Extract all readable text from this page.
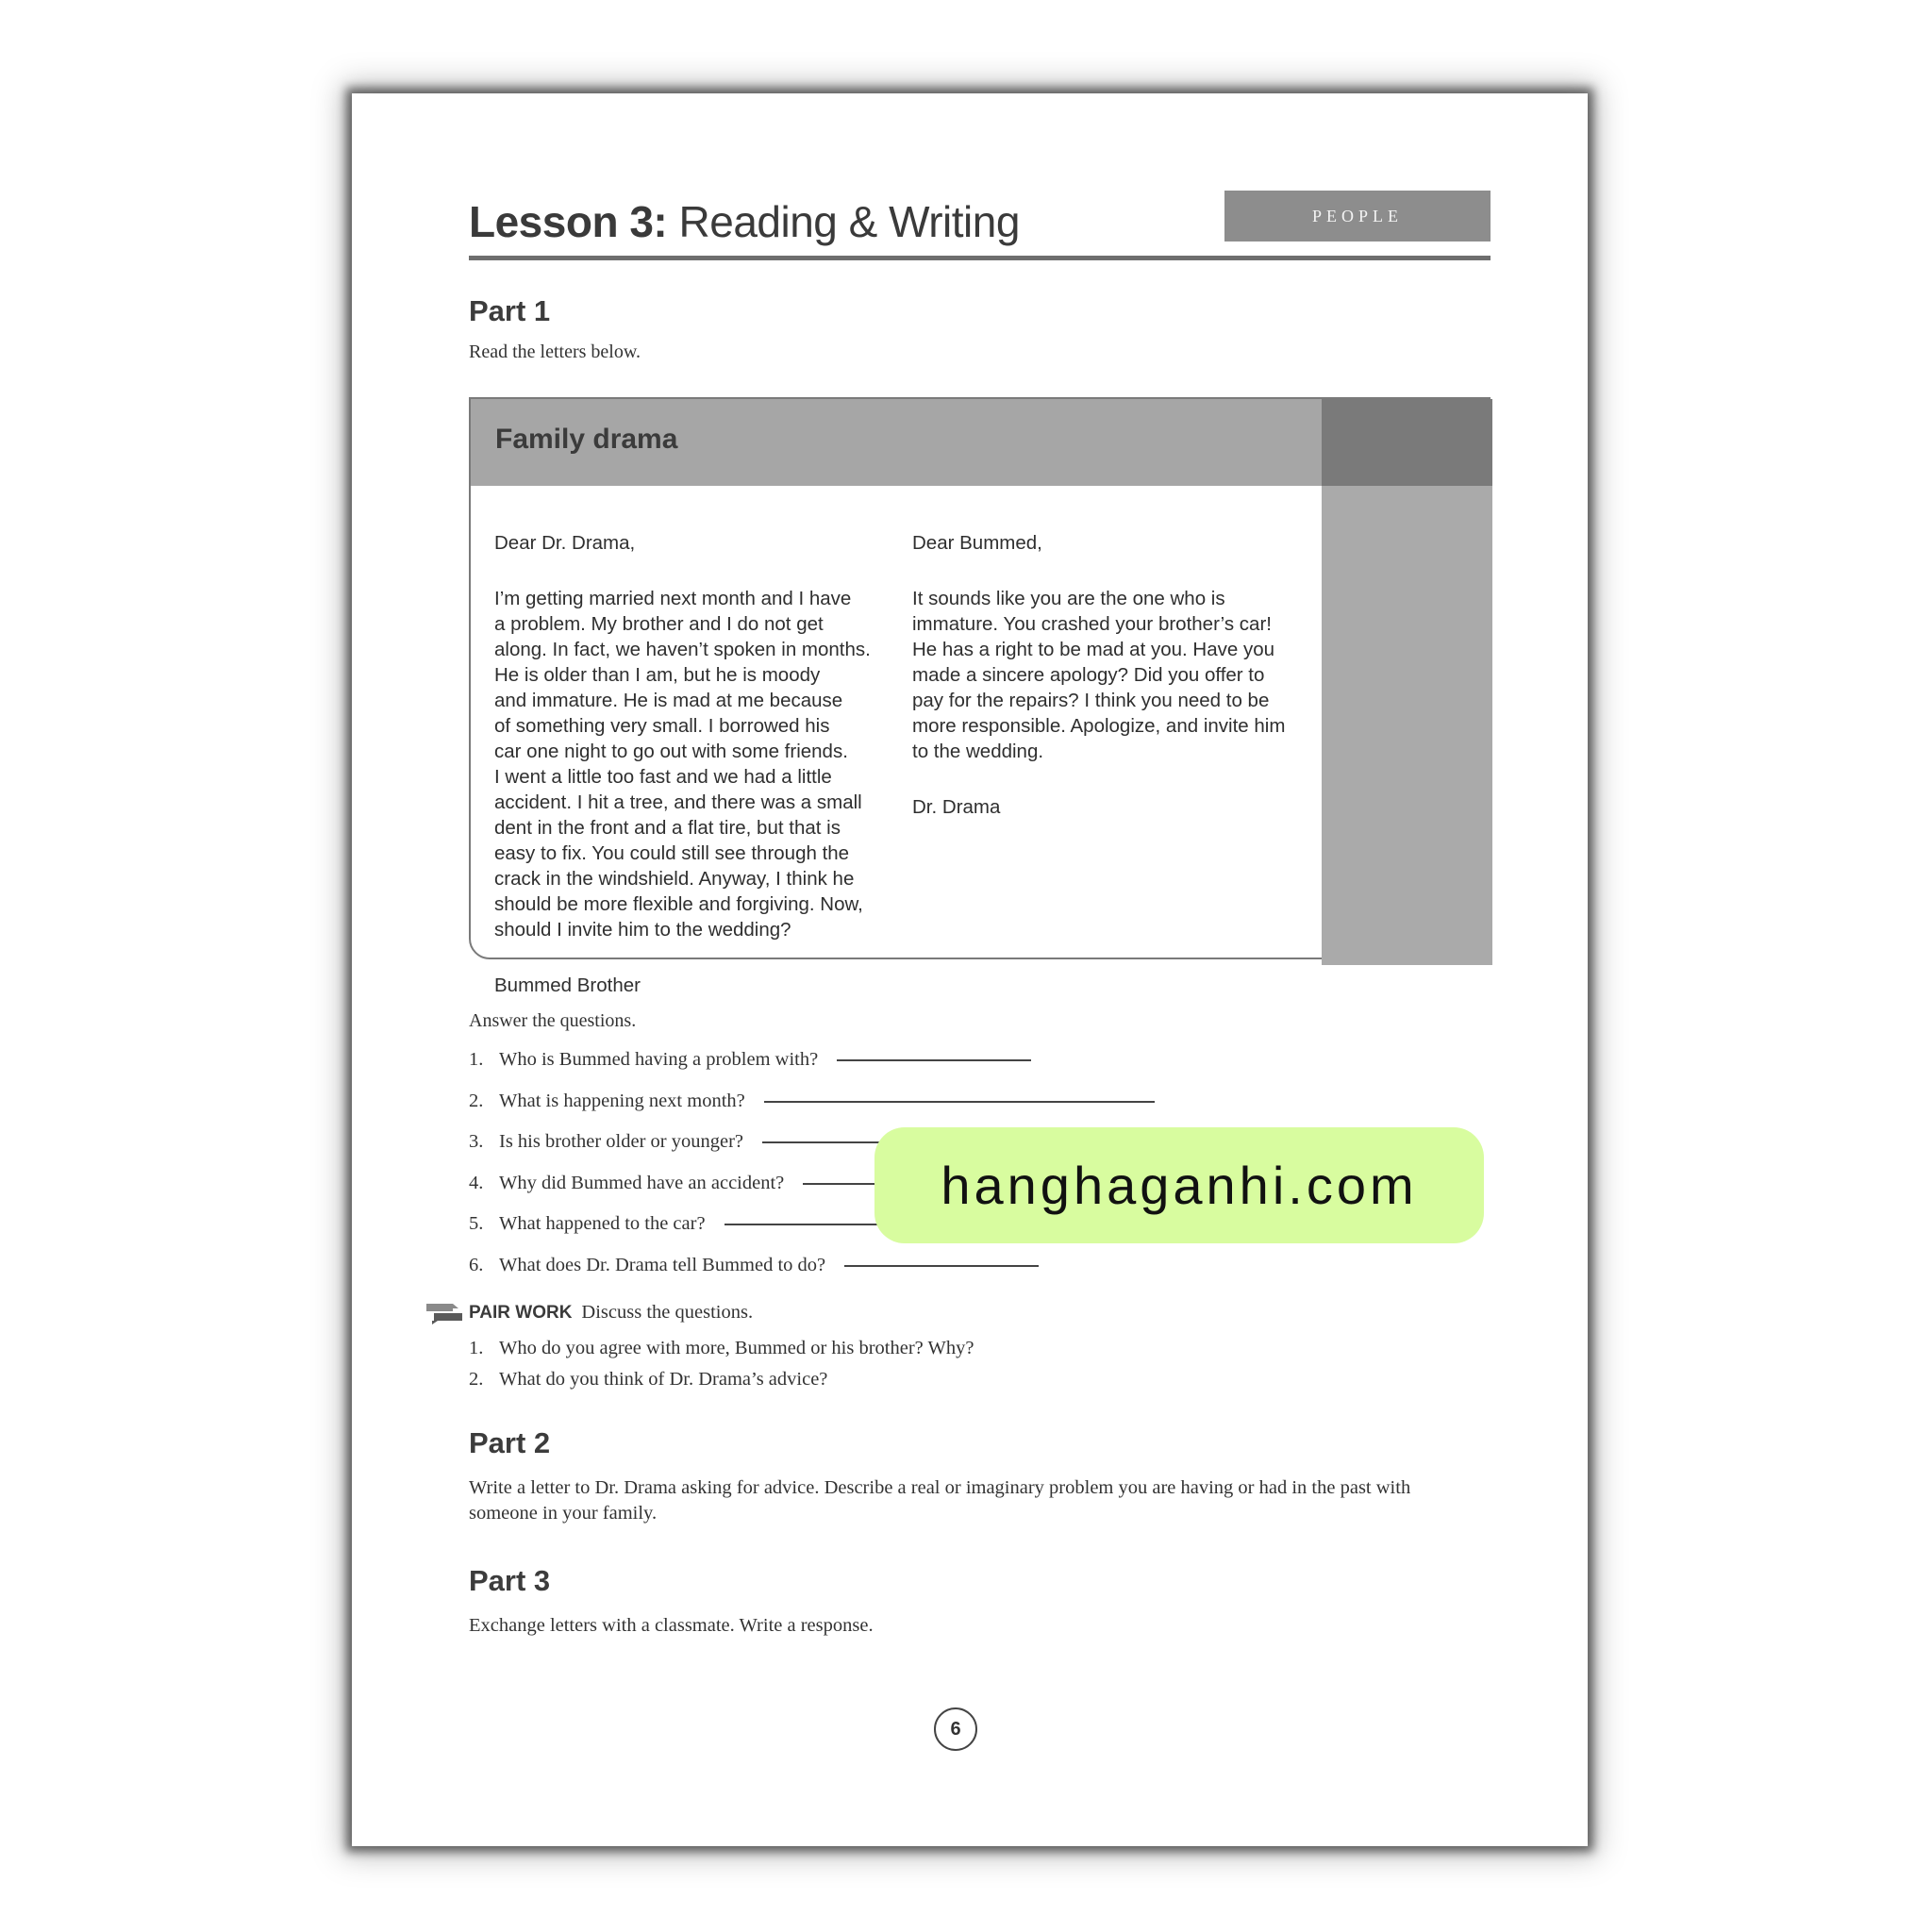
PEOPLE
Lesson 3: Reading & Writing
Part 1
Read the letters below.
Family drama

Dear Dr. Drama,

I’m getting married next month and I have
a problem. My brother and I do not get
along. In fact, we haven’t spoken in months.
He is older than I am, but he is moody
and immature. He is mad at me because
of something very small. I borrowed his
car one night to go out with some friends.
I went a little too fast and we had a little
accident. I hit a tree, and there was a small
dent in the front and a flat tire, but that is
easy to fix. You could still see through the
crack in the windshield. Anyway, I think he
should be more flexible and forgiving. Now,
should I invite him to the wedding?

Bummed Brother

Dear Bummed,

It sounds like you are the one who is
immature. You crashed your brother’s car!
He has a right to be mad at you. Have you
made a sincere apology? Did you offer to
pay for the repairs? I think you need to be
more responsible. Apologize, and invite him
to the wedding.

Dr. Drama

Answer the questions.
1. Who is Bummed having a problem with?
2. What is happening next month?
3. Is his brother older or younger?
4. Why did Bummed have an accident?
5. What happened to the car?
6. What does Dr. Drama tell Bummed to do?
PAIR WORK Discuss the questions.
1. Who do you agree with more, Bummed or his brother? Why?
2. What do you think of Dr. Drama’s advice?
Part 2
Write a letter to Dr. Drama asking for advice. Describe a real or imaginary problem you are having or had in the past with someone in your family.
Part 3
Exchange letters with a classmate. Write a response.
6
hanghaganhi.com
